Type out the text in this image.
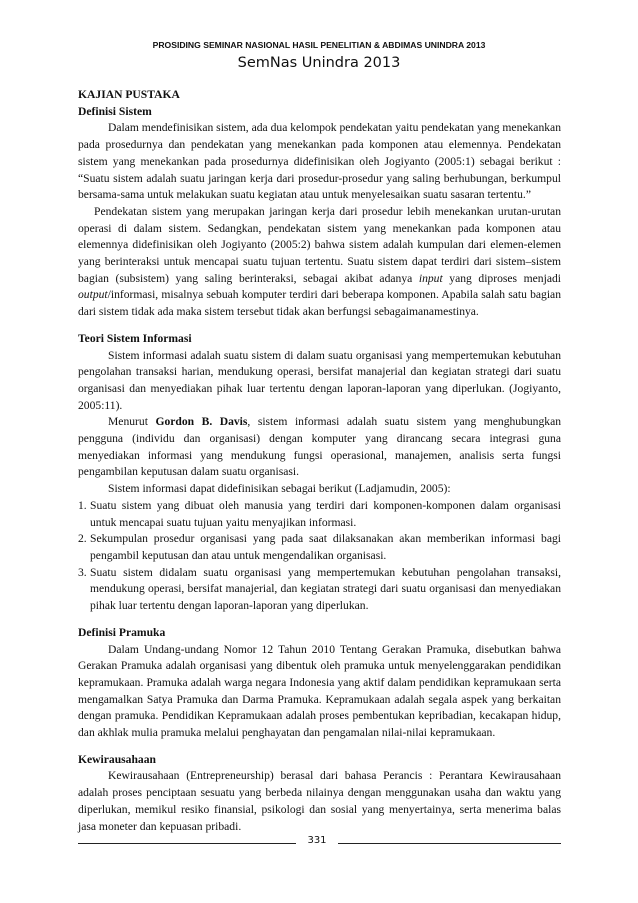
PROSIDING SEMINAR NASIONAL HASIL PENELITIAN & ABDIMAS UNINDRA 2013
SemNas Unindra 2013
KAJIAN PUSTAKA
Definisi Sistem
Dalam mendefinisikan sistem, ada dua kelompok pendekatan yaitu pendekatan yang menekankan pada prosedurnya dan pendekatan yang menekankan pada komponen atau elemennya. Pendekatan sistem yang menekankan pada prosedurnya didefinisikan oleh Jogiyanto (2005:1) sebagai berikut : “Suatu sistem adalah suatu jaringan kerja dari prosedur-prosedur yang saling berhubungan, berkumpul bersama-sama untuk melakukan suatu kegiatan atau untuk menyelesaikan suatu sasaran tertentu.”
Pendekatan sistem yang merupakan jaringan kerja dari prosedur lebih menekankan urutan-urutan operasi di dalam sistem. Sedangkan, pendekatan sistem yang menekankan pada komponen atau elemennya didefinisikan oleh Jogiyanto (2005:2) bahwa sistem adalah kumpulan dari elemen-elemen yang berinteraksi untuk mencapai suatu tujuan tertentu. Suatu sistem dapat terdiri dari sistem–sistem bagian (subsistem) yang saling berinteraksi, sebagai akibat adanya input yang diproses menjadi output/informasi, misalnya sebuah komputer terdiri dari beberapa komponen. Apabila salah satu bagian dari sistem tidak ada maka sistem tersebut tidak akan berfungsi sebagaimanamestinya.
Teori Sistem Informasi
Sistem informasi adalah suatu sistem di dalam suatu organisasi yang mempertemukan kebutuhan pengolahan transaksi harian, mendukung operasi, bersifat manajerial dan kegiatan strategi dari suatu organisasi dan menyediakan pihak luar tertentu dengan laporan-laporan yang diperlukan. (Jogiyanto, 2005:11).
Menurut Gordon B. Davis, sistem informasi adalah suatu sistem yang menghubungkan pengguna (individu dan organisasi) dengan komputer yang dirancang secara integrasi guna menyediakan informasi yang mendukung fungsi operasional, manajemen, analisis serta fungsi pengambilan keputusan dalam suatu organisasi.
Sistem informasi dapat didefinisikan sebagai berikut (Ladjamudin, 2005):
1. Suatu sistem yang dibuat oleh manusia yang terdiri dari komponen-komponen dalam organisasi untuk mencapai suatu tujuan yaitu menyajikan informasi.
2. Sekumpulan prosedur organisasi yang pada saat dilaksanakan akan memberikan informasi bagi pengambil keputusan dan atau untuk mengendalikan organisasi.
3. Suatu sistem didalam suatu organisasi yang mempertemukan kebutuhan pengolahan transaksi, mendukung operasi, bersifat manajerial, dan kegiatan strategi dari suatu organisasi dan menyediakan pihak luar tertentu dengan laporan-laporan yang diperlukan.
Definisi Pramuka
Dalam Undang-undang Nomor 12 Tahun 2010 Tentang Gerakan Pramuka, disebutkan bahwa Gerakan Pramuka adalah organisasi yang dibentuk oleh pramuka untuk menyelenggarakan pendidikan kepramukaan. Pramuka adalah warga negara Indonesia yang aktif dalam pendidikan kepramukaan serta mengamalkan Satya Pramuka dan Darma Pramuka. Kepramukaan adalah segala aspek yang berkaitan dengan pramuka. Pendidikan Kepramukaan adalah proses pembentukan kepribadian, kecakapan hidup, dan akhlak mulia pramuka melalui penghayatan dan pengamalan nilai-nilai kepramukaan.
Kewirausahaan
Kewirausahaan (Entrepreneurship) berasal dari bahasa Perancis : Perantara Kewirausahaan adalah proses penciptaan sesuatu yang berbeda nilainya dengan menggunakan usaha dan waktu yang diperlukan, memikul resiko finansial, psikologi dan sosial yang menyertainya, serta menerima balas jasa moneter dan kepuasan pribadi.
331
